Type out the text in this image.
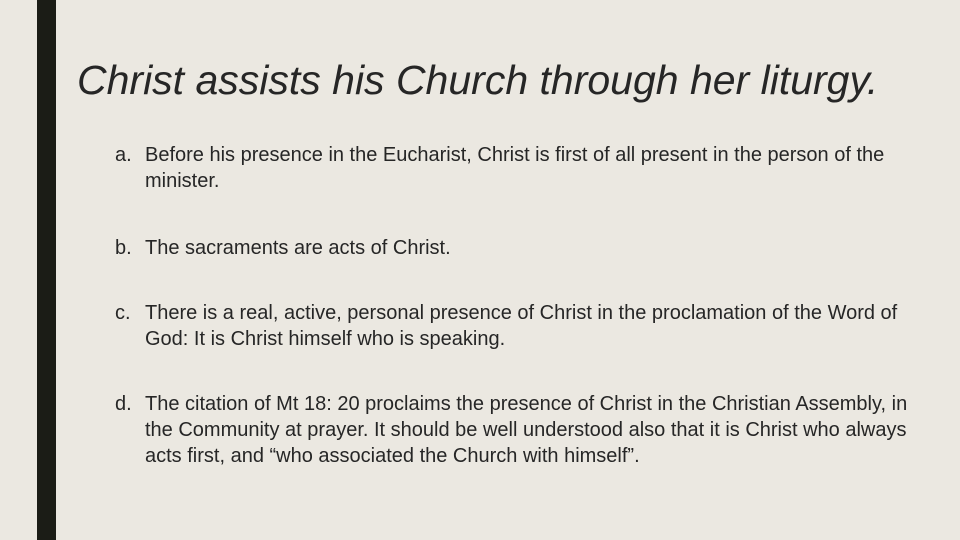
Christ assists his Church through her liturgy.
a. Before his presence in the Eucharist, Christ is first of all present in the person of the minister.
b. The sacraments are acts of Christ.
c. There is a real, active, personal presence of Christ in the proclamation of the Word of God: It is Christ himself who is speaking.
d. The citation of Mt 18: 20 proclaims the presence of Christ in the Christian Assembly, in the Community at prayer. It should be well understood also that it is Christ who always acts first, and “who associated the Church with himself”.
